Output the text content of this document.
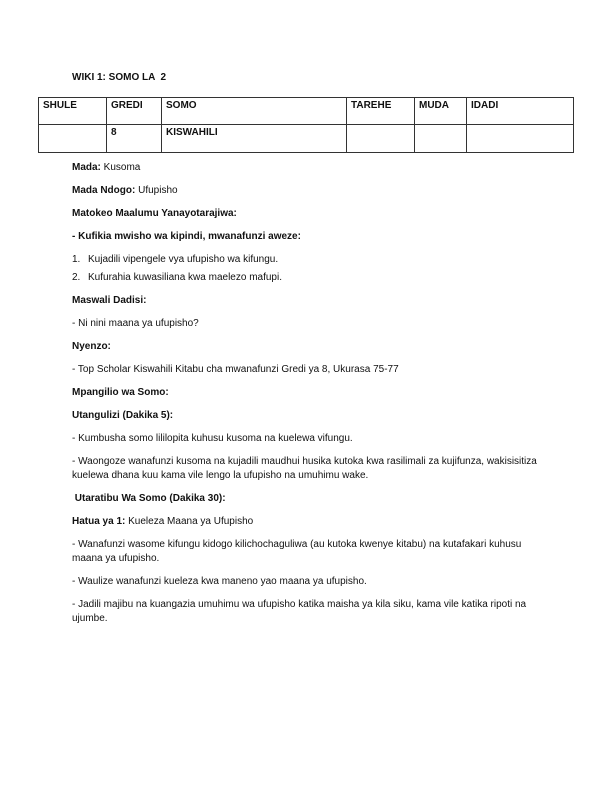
WIKI 1: SOMO LA  2
SHULE	GREDI	SOMO	TAREHE	MUDA	IDADI
	8	KISWAHILI			

Mada: Kusoma

Mada Ndogo: Ufupisho

Matokeo Maalumu Yanayotarajiwa:

- Kufikia mwisho wa kipindi, mwanafunzi aweze:

1. Kujadili vipengele vya ufupisho wa kifungu.
2. Kufurahia kuwasiliana kwa maelezo mafupi.

Maswali Dadisi:

- Ni nini maana ya ufupisho?

Nyenzo:

- Top Scholar Kiswahili Kitabu cha mwanafunzi Gredi ya 8, Ukurasa 75-77

Mpangilio wa Somo:

Utangulizi (Dakika 5):

- Kumbusha somo lililopita kuhusu kusoma na kuelewa vifungu.

- Waongoze wanafunzi kusoma na kujadili maudhui husika kutoka kwa rasilimali za kujifunza, wakisisitiza kuelewa dhana kuu kama vile lengo la ufupisho na umuhimu wake.

Utaratibu Wa Somo (Dakika 30):

Hatua ya 1: Kueleza Maana ya Ufupisho

- Wanafunzi wasome kifungu kidogo kilichochaguliwa (au kutoka kwenye kitabu) na kutafakari kuhusu maana ya ufupisho.

- Waulize wanafunzi kueleza kwa maneno yao maana ya ufupisho.

- Jadili majibu na kuangazia umuhimu wa ufupisho katika maisha ya kila siku, kama vile katika ripoti na ujumbe.
